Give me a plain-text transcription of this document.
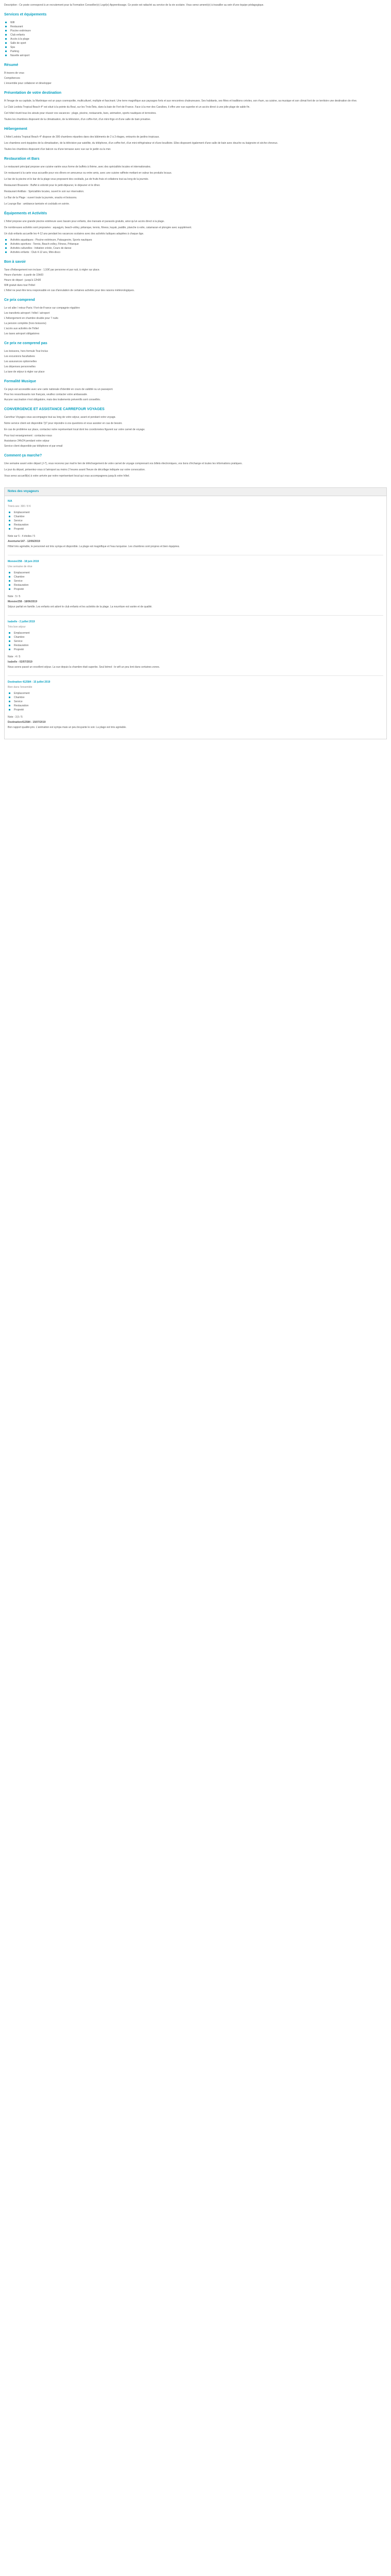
Description : Ce poste correspond à un recrutement pour la Formation Conseiller(e) Logé(e) Apprentissage. Ce poste est rattaché au service de la vie scolaire. Vous serez amené(e) à travailler au sein d'une équipe pédagogique.

Services et équipements
Wifi
Restaurant
Piscine extérieure
Club enfants
Accès à la plage
Salle de sport
Spa
Parking
Navette aéroport
Résumé
À travers de vous
Compétences
L'ensemble pour collaborer et développer
Présentation de votre destination

À l'image de sa capitale, la Martinique est un pays cosmopolite, multiculturel, multiple et fascinant. Une terre magnifique aux paysages forts et aux rencontres chaleureuses. Ses habitants, ses fêtes et traditions créoles, son rhum, sa cuisine, sa musique et son climat font de ce territoire une destination de rêve.

Le Club Lookéa Tropical Beach 4* est situé à la pointe du Bout, sur les Trois-Îlets, dans la baie de Fort-de-France. Face à la mer des Caraïbes, il offre une vue superbe et un accès direct à une jolie plage de sable fin.

Cet hôtel réunit tous les atouts pour réussir vos vacances : plage, piscine, restaurants, bars, animation, sports nautiques et terrestres.

Toutes les chambres disposent de la climatisation, de la télévision, d'un coffre-fort, d'un mini-frigo et d'une salle de bain privative.

Hébergement

L'hôtel Lookéa Tropical Beach 4* dispose de 300 chambres réparties dans des bâtiments de 2 à 3 étages, entourés de jardins tropicaux.

Les chambres sont équipées de la climatisation, de la télévision par satellite, du téléphone, d'un coffre-fort, d'un mini-réfrigérateur et d'une bouilloire. Elles disposent également d'une salle de bain avec douche ou baignoire et sèche-cheveux.

Toutes les chambres disposent d'un balcon ou d'une terrasse avec vue sur le jardin ou la mer.

Restauration et Bars

Le restaurant principal propose une cuisine variée sous forme de buffets à thème, avec des spécialités locales et internationales.

Un restaurant à la carte vous accueille pour vos dîners en amoureux ou entre amis, avec une cuisine raffinée mettant en valeur les produits locaux.

Le bar de la piscine et le bar de la plage vous proposent des cocktails, jus de fruits frais et collations tout au long de la journée.

Restaurant Brasserie : Buffet à volonté pour le petit-déjeuner, le déjeuner et le dîner.

Restaurant Antillais : Spécialités locales, ouvert le soir sur réservation.

Le Bar de la Plage : ouvert toute la journée, snacks et boissons.

Le Lounge Bar : ambiance tamisée et cocktails en soirée.

Équipements et Activités

L'hôtel propose une grande piscine extérieure avec bassin pour enfants, des transats et parasols gratuits, ainsi qu'un accès direct à la plage.

De nombreuses activités sont proposées : aquagym, beach-volley, pétanque, tennis, fitness, kayak, paddle, planche à voile, catamaran et plongée avec supplément.

Un club enfants accueille les 4-12 ans pendant les vacances scolaires avec des activités ludiques adaptées à chaque âge.

Activités aquatiques : Piscine extérieure, Pataugeoire, Sports nautiques
Activités sportives : Tennis, Beach-volley, Fitness, Pétanque
Activités culturelles : Initiation créole, Cours de danse
Activités enfants : Club 4-12 ans, Mini-disco
Bon à savoir
Taxe d'hébergement non incluse : 1,50€ par personne et par nuit, à régler sur place.
Heure d'arrivée : à partir de 15h00
Heure de départ : jusqu'à 12h00
Wifi gratuit dans tout l'hôtel
L'hôtel ne peut être tenu responsable en cas d'annulation de certaines activités pour des raisons météorologiques.
Ce prix comprend
Le vol aller / retour Paris / Fort-de-France sur compagnie régulière
Les transferts aéroport / hôtel / aéroport
L'hébergement en chambre double pour 7 nuits
La pension complète (hors boissons)
L'accès aux activités de l'hôtel
Les taxes aéroport obligatoires
Ce prix ne comprend pas
Les boissons, hors formule Tout Inclus
Les excursions facultatives
Les assurances optionnelles
Les dépenses personnelles
La taxe de séjour à régler sur place
Formalité Musique
Ce pays est accessible avec une carte nationale d'identité en cours de validité ou un passeport.
Pour les ressortissants non français, veuillez contacter votre ambassade.
Aucune vaccination n'est obligatoire, mais des traitements préventifs sont conseillés.
CONVERGENCE ET ASSISTANCE CARREFOUR VOYAGES

Carrefour Voyages vous accompagne tout au long de votre séjour, avant et pendant votre voyage.

Notre service client est disponible 7j/7 pour répondre à vos questions et vous assister en cas de besoin.

En cas de problème sur place, contactez notre représentant local dont les coordonnées figurent sur votre carnet de voyage.

Pour tout renseignement : contactez-nous
Assistance 24h/24 pendant votre séjour
Service client disponible par téléphone et par email
Comment ça marche?

Une semaine avant votre départ (J-7), vous recevrez par mail le lien de téléchargement de votre carnet de voyage comprenant vos billets électroniques, vos bons d'échange et toutes les informations pratiques.

Le jour du départ, présentez-vous à l'aéroport au moins 2 heures avant l'heure de décollage indiquée sur votre convocation.

Vous serez accueilli(e) à votre arrivée par notre représentant local qui vous accompagnera jusqu'à votre hôtel.

Notes des voyageurs
N/A
Trierà ses: 300 / 8 K
Emplacement
Chambre
Service
Restauration
Propreté
Note sur 5 - 4 étoiles / 5
Aventurier147 - 12/06/2019

Hôtel très agréable, le personnel est très sympa et disponible. La plage est magnifique et l'eau turquoise. Les chambres sont propres et bien équipées.

Monsier258 - 18 juin 2019
Une semaine de rêve
Emplacement
Chambre
Service
Restauration
Propreté
Note : 5 / 5
Monsier258 - 18/06/2019

Séjour parfait en famille. Les enfants ont adoré le club enfants et les activités de la plage. La nourriture est variée et de qualité.

Isabelle - 2 juillet 2019
Très bon séjour
Emplacement
Chambre
Service
Restauration
Propreté
Note : 4 / 5
Isabelle - 02/07/2019

Nous avons passé un excellent séjour. La vue depuis la chambre était superbe. Seul bémol : le wifi un peu lent dans certaines zones.

Destination 412584 - 15 juillet 2019
Bien dans l'ensemble
Emplacement
Chambre
Service
Restauration
Propreté
Note : 3,5 / 5
Destination412584 - 15/07/2019

Bon rapport qualité-prix. L'animation est sympa mais un peu bruyante le soir. La plage est très agréable.
